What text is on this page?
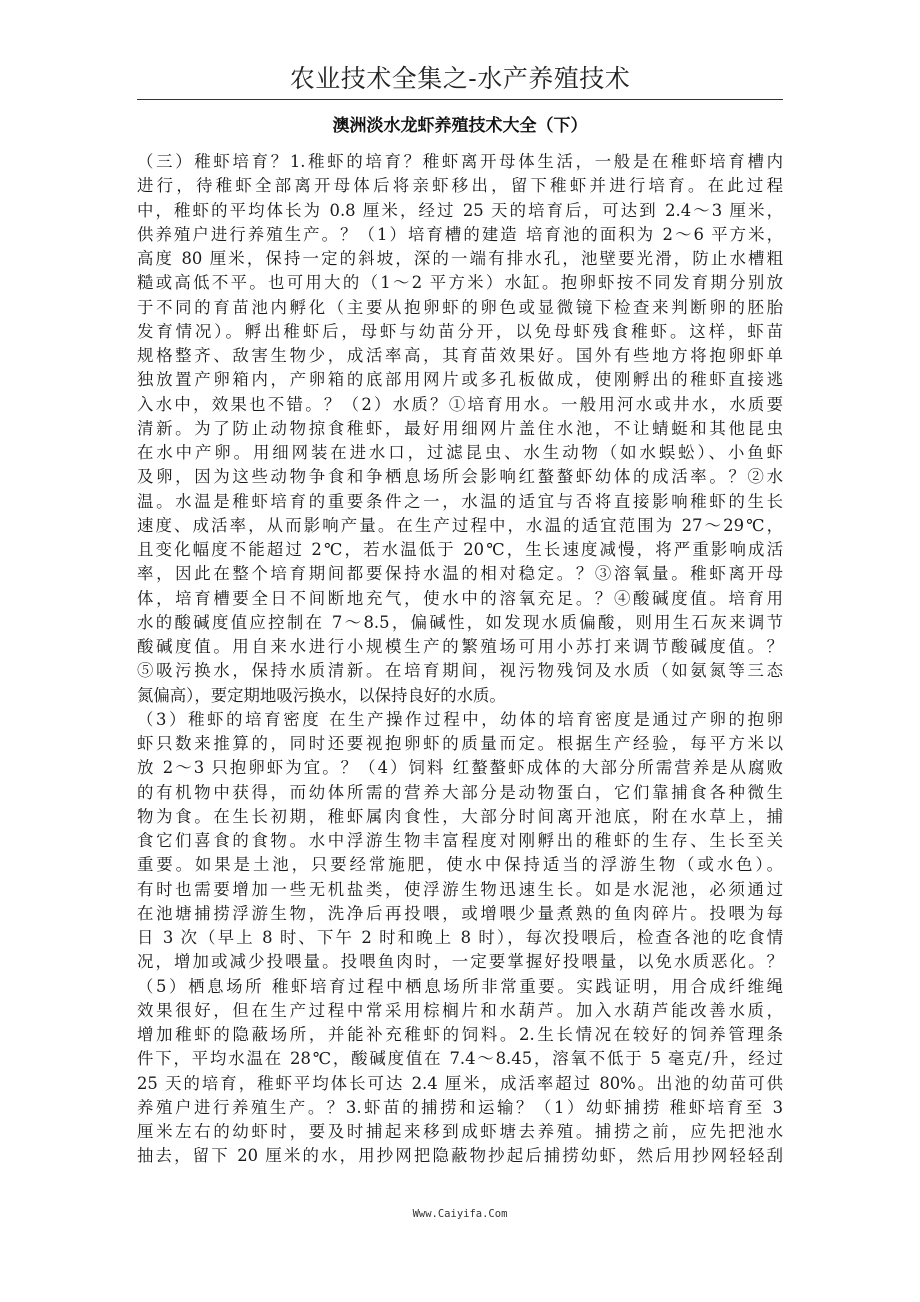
农业技术全集之-水产养殖技术
澳洲淡水龙虾养殖技术大全（下）
（三）稚虾培育？1.稚虾的培育？稚虾离开母体生活，一般是在稚虾培育槽内
进行，待稚虾全部离开母体后将亲虾移出，留下稚虾并进行培育。在此过程
中，稚虾的平均体长为 0.8 厘米，经过 25 天的培育后，可达到 2.4～3 厘米，
供养殖户进行养殖生产。？（1）培育槽的建造 培育池的面积为 2～6 平方米，
高度 80 厘米，保持一定的斜坡，深的一端有排水孔，池壁要光滑，防止水槽粗
糙或高低不平。也可用大的（1～2 平方米）水缸。抱卵虾按不同发育期分别放
于不同的育苗池内孵化（主要从抱卵虾的卵色或显微镜下检查来判断卵的胚胎
发育情况）。孵出稚虾后，母虾与幼苗分开，以免母虾残食稚虾。这样，虾苗
规格整齐、敌害生物少，成活率高，其育苗效果好。国外有些地方将抱卵虾单
独放置产卵箱内，产卵箱的底部用网片或多孔板做成，使刚孵出的稚虾直接逃
入水中，效果也不错。？（2）水质？①培育用水。一般用河水或井水，水质要
清新。为了防止动物掠食稚虾，最好用细网片盖住水池，不让蜻蜓和其他昆虫
在水中产卵。用细网装在进水口，过滤昆虫、水生动物（如水蜈蚣）、小鱼虾
及卵，因为这些动物争食和争栖息场所会影响红螯螯虾幼体的成活率。？②水
温。水温是稚虾培育的重要条件之一，水温的适宜与否将直接影响稚虾的生长
速度、成活率，从而影响产量。在生产过程中，水温的适宜范围为 27～29℃，
且变化幅度不能超过 2℃，若水温低于 20℃，生长速度减慢，将严重影响成活
率，因此在整个培育期间都要保持水温的相对稳定。？③溶氧量。稚虾离开母
体，培育槽要全日不间断地充气，使水中的溶氧充足。？④酸碱度值。培育用
水的酸碱度值应控制在 7～8.5，偏碱性，如发现水质偏酸，则用生石灰来调节
酸碱度值。用自来水进行小规模生产的繁殖场可用小苏打来调节酸碱度值。？
⑤吸污换水，保持水质清新。在培育期间，视污物残饲及水质（如氨氮等三态
氮偏高），要定期地吸污换水，以保持良好的水质。
（3）稚虾的培育密度 在生产操作过程中，幼体的培育密度是通过产卵的抱卵
虾只数来推算的，同时还要视抱卵虾的质量而定。根据生产经验，每平方米以
放 2～3 只抱卵虾为宜。？（4）饲料 红螯螯虾成体的大部分所需营养是从腐败
的有机物中获得，而幼体所需的营养大部分是动物蛋白，它们靠捕食各种微生
物为食。在生长初期，稚虾属肉食性，大部分时间离开池底，附在水草上，捕
食它们喜食的食物。水中浮游生物丰富程度对刚孵出的稚虾的生存、生长至关
重要。如果是土池，只要经常施肥，使水中保持适当的浮游生物（或水色）。
有时也需要增加一些无机盐类，使浮游生物迅速生长。如是水泥池，必须通过
在池塘捕捞浮游生物，洗净后再投喂，或增喂少量煮熟的鱼肉碎片。投喂为每
日 3 次（早上 8 时、下午 2 时和晚上 8 时），每次投喂后，检查各池的吃食情
况，增加或减少投喂量。投喂鱼肉时，一定要掌握好投喂量，以免水质恶化。？
（5）栖息场所 稚虾培育过程中栖息场所非常重要。实践证明，用合成纤维绳
效果很好，但在生产过程中常采用棕榈片和水葫芦。加入水葫芦能改善水质，
增加稚虾的隐蔽场所，并能补充稚虾的饲料。2.生长情况在较好的饲养管理条
件下，平均水温在 28℃，酸碱度值在 7.4～8.45，溶氧不低于 5 毫克/升，经过
25 天的培育，稚虾平均体长可达 2.4 厘米，成活率超过 80%。出池的幼苗可供
养殖户进行养殖生产。？3.虾苗的捕捞和运输？（1）幼虾捕捞 稚虾培育至 3
厘米左右的幼虾时，要及时捕起来移到成虾塘去养殖。捕捞之前，应先把池水
抽去，留下 20 厘米的水，用抄网把隐蔽物抄起后捕捞幼虾，然后用抄网轻轻刮
Www.Caiyifa.Com
